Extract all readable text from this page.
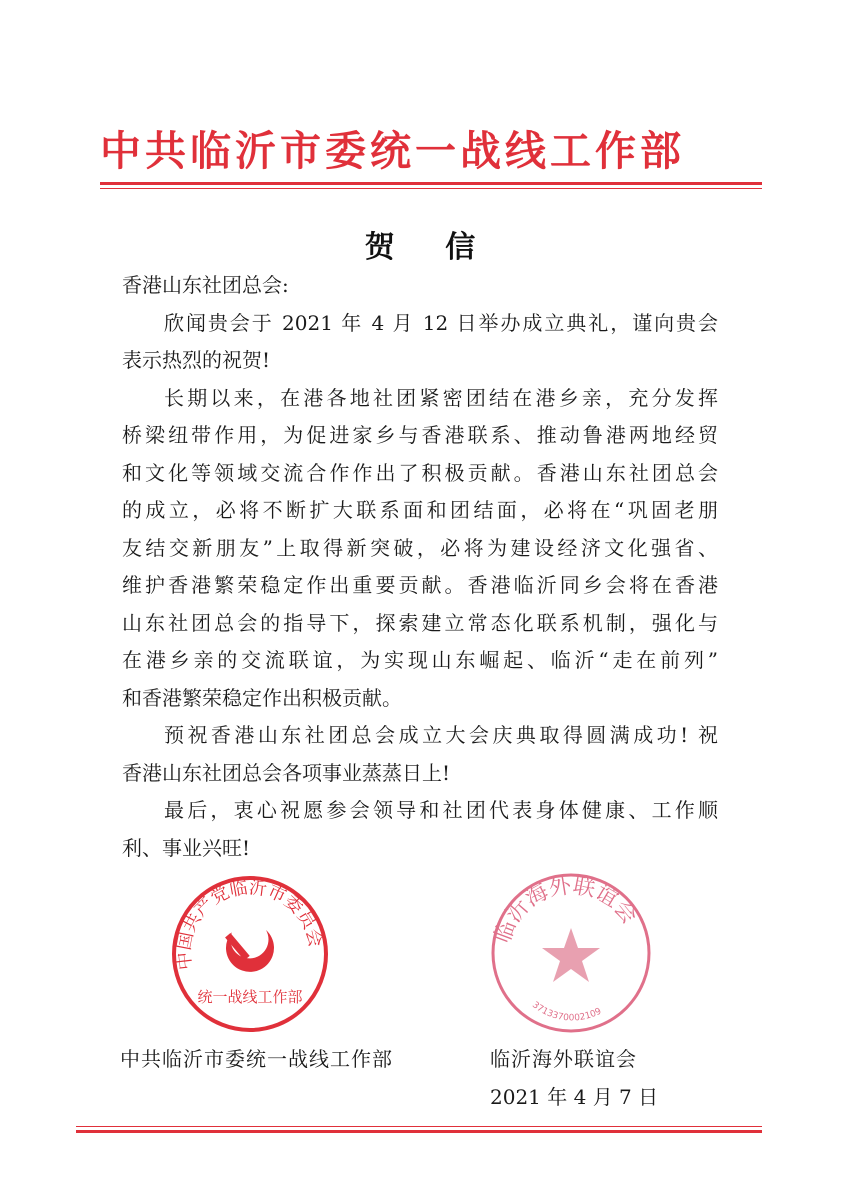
中共临沂市委统一战线工作部
贺 信
香港山东社团总会:
欣闻贵会于 2021 年 4 月 12 日举办成立典礼，谨向贵会
表示热烈的祝贺!
长期以来，在港各地社团紧密团结在港乡亲，充分发挥
桥梁纽带作用，为促进家乡与香港联系、推动鲁港两地经贸
和文化等领域交流合作作出了积极贡献。香港山东社团总会
的成立，必将不断扩大联系面和团结面，必将在“巩固老朋
友结交新朋友”上取得新突破，必将为建设经济文化强省、
维护香港繁荣稳定作出重要贡献。香港临沂同乡会将在香港
山东社团总会的指导下，探索建立常态化联系机制，强化与
在港乡亲的交流联谊，为实现山东崛起、临沂“走在前列”
和香港繁荣稳定作出积极贡献。
预祝香港山东社团总会成立大会庆典取得圆满成功! 祝
香港山东社团总会各项事业蒸蒸日上!
最后，衷心祝愿参会领导和社团代表身体健康、工作顺
利、事业兴旺!
中国共产党临沂市委员会
统一战线工作部
临沂海外联谊会
3713370002109
中共临沂市委统一战线工作部	临沂海外联谊会
2021 年 4 月 7 日
